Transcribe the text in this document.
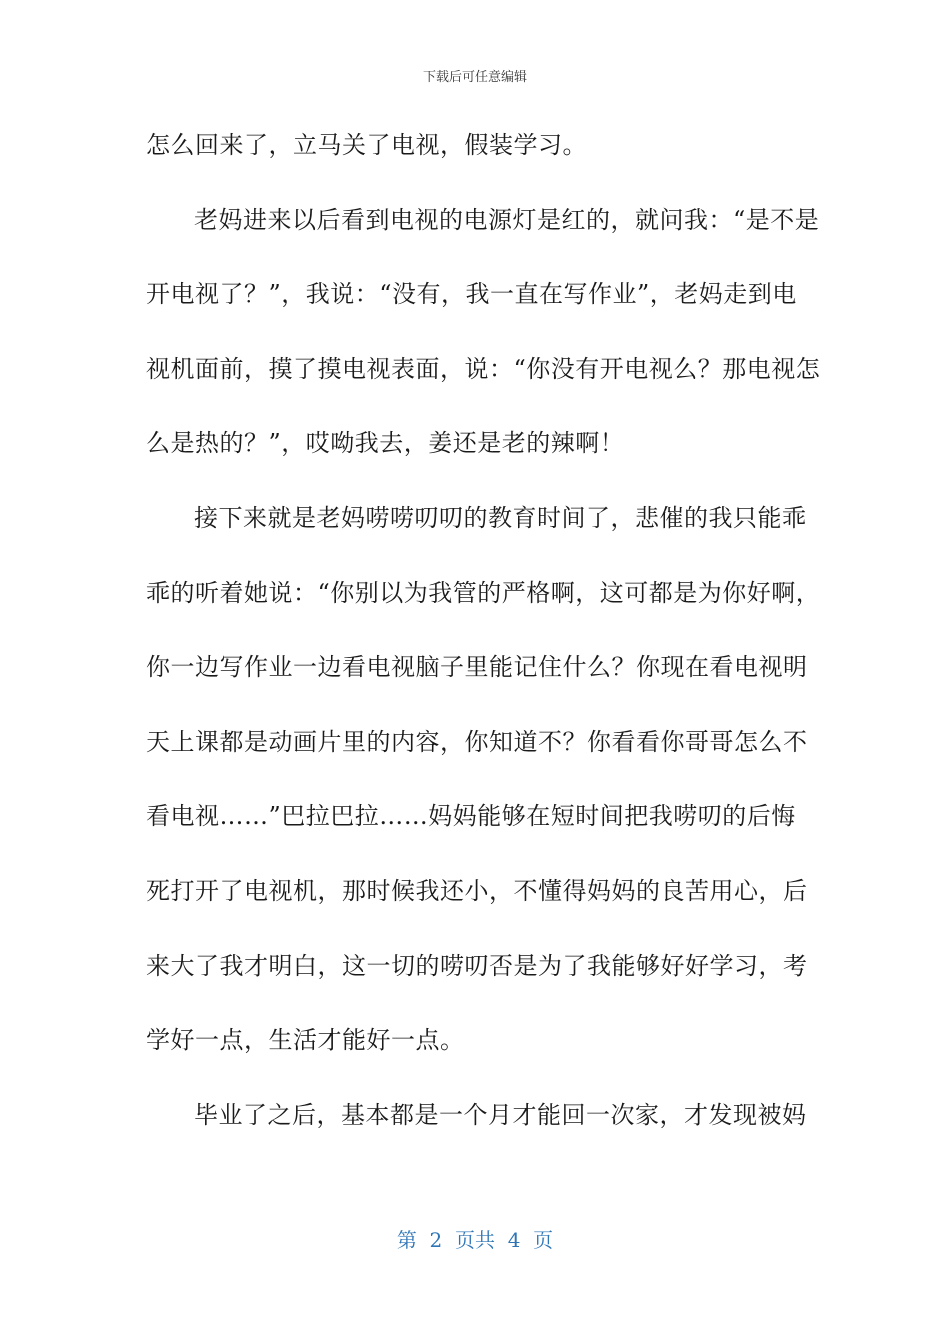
下载后可任意编辑
怎么回来了，立马关了电视，假装学习。
老妈进来以后看到电视的电源灯是红的，就问我：“是不是
开电视了？”，我说：“没有，我一直在写作业”，老妈走到电
视机面前，摸了摸电视表面，说：“你没有开电视么？那电视怎
么是热的？”，哎呦我去，姜还是老的辣啊！
接下来就是老妈唠唠叨叨的教育时间了，悲催的我只能乖
乖的听着她说：“你别以为我管的严格啊，这可都是为你好啊，
你一边写作业一边看电视脑子里能记住什么？你现在看电视明
天上课都是动画片里的内容，你知道不？你看看你哥哥怎么不
看电视……”巴拉巴拉……妈妈能够在短时间把我唠叨的后悔
死打开了电视机，那时候我还小，不懂得妈妈的良苦用心，后
来大了我才明白，这一切的唠叨否是为了我能够好好学习，考
学好一点，生活才能好一点。
毕业了之后，基本都是一个月才能回一次家，才发现被妈
第  2  页共  4  页
